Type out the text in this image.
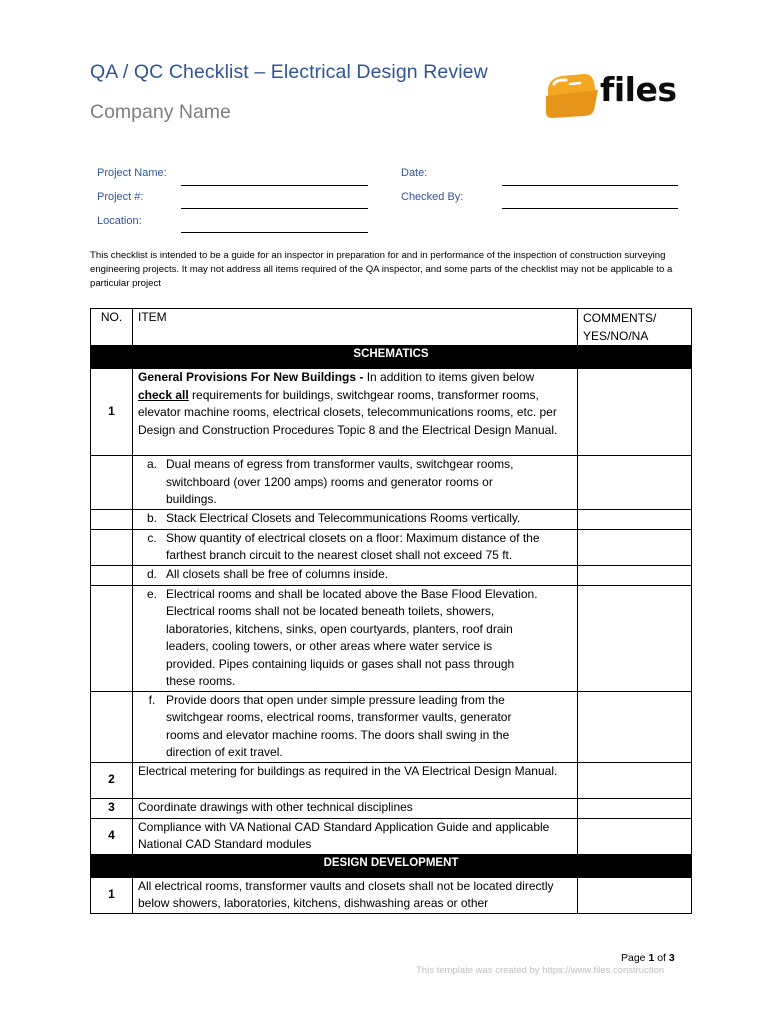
QA / QC Checklist – Electrical Design Review
Company Name
files
Project Name:
Project #:
Location:
Date:
Checked By:
This checklist is intended to be a guide for an inspector in preparation for and in performance of the inspection of construction surveying engineering projects. It may not address all items required of the QA inspector, and some parts of the checklist may not be applicable to a particular project
NO.	ITEM	COMMENTS/
YES/NO/NA

SCHEMATICS		
1	General Provisions For New Buildings - In addition to items given below
check all requirements for buildings, switchgear rooms, transformer rooms, elevator machine rooms, electrical closets, telecommunications rooms, etc. per Design and Construction Procedures Topic 8 and the Electrical Design Manual.	

	a. Dual means of egress from transformer vaults, switchgear rooms, switchboard (over 1200 amps) rooms and generator rooms or buildings.	

	b. Stack Electrical Closets and Telecommunications Rooms vertically.	

	c. Show quantity of electrical closets on a floor: Maximum distance of the farthest branch circuit to the nearest closet shall not exceed 75 ft.	

	d. All closets shall be free of columns inside.	

	e. Electrical rooms and shall be located above the Base Flood Elevation. Electrical rooms shall not be located beneath toilets, showers, laboratories, kitchens, sinks, open courtyards, planters, roof drain leaders, cooling towers, or other areas where water service is provided. Pipes containing liquids or gases shall not pass through these rooms.	

	f. Provide doors that open under simple pressure leading from the switchgear rooms, electrical rooms, transformer vaults, generator rooms and elevator machine rooms. The doors shall swing in the direction of exit travel.	

2	Electrical metering for buildings as required in the VA Electrical Design Manual.	
3	Coordinate drawings with other technical disciplines	
4	Compliance with VA National CAD Standard Application Guide and applicable National CAD Standard modules	
DESIGN DEVELOPMENT		
1	All electrical rooms, transformer vaults and closets shall not be located directly below showers, laboratories, kitchens, dishwashing areas or other	
Page 1 of 3
This template was created by https://www.files.construction
